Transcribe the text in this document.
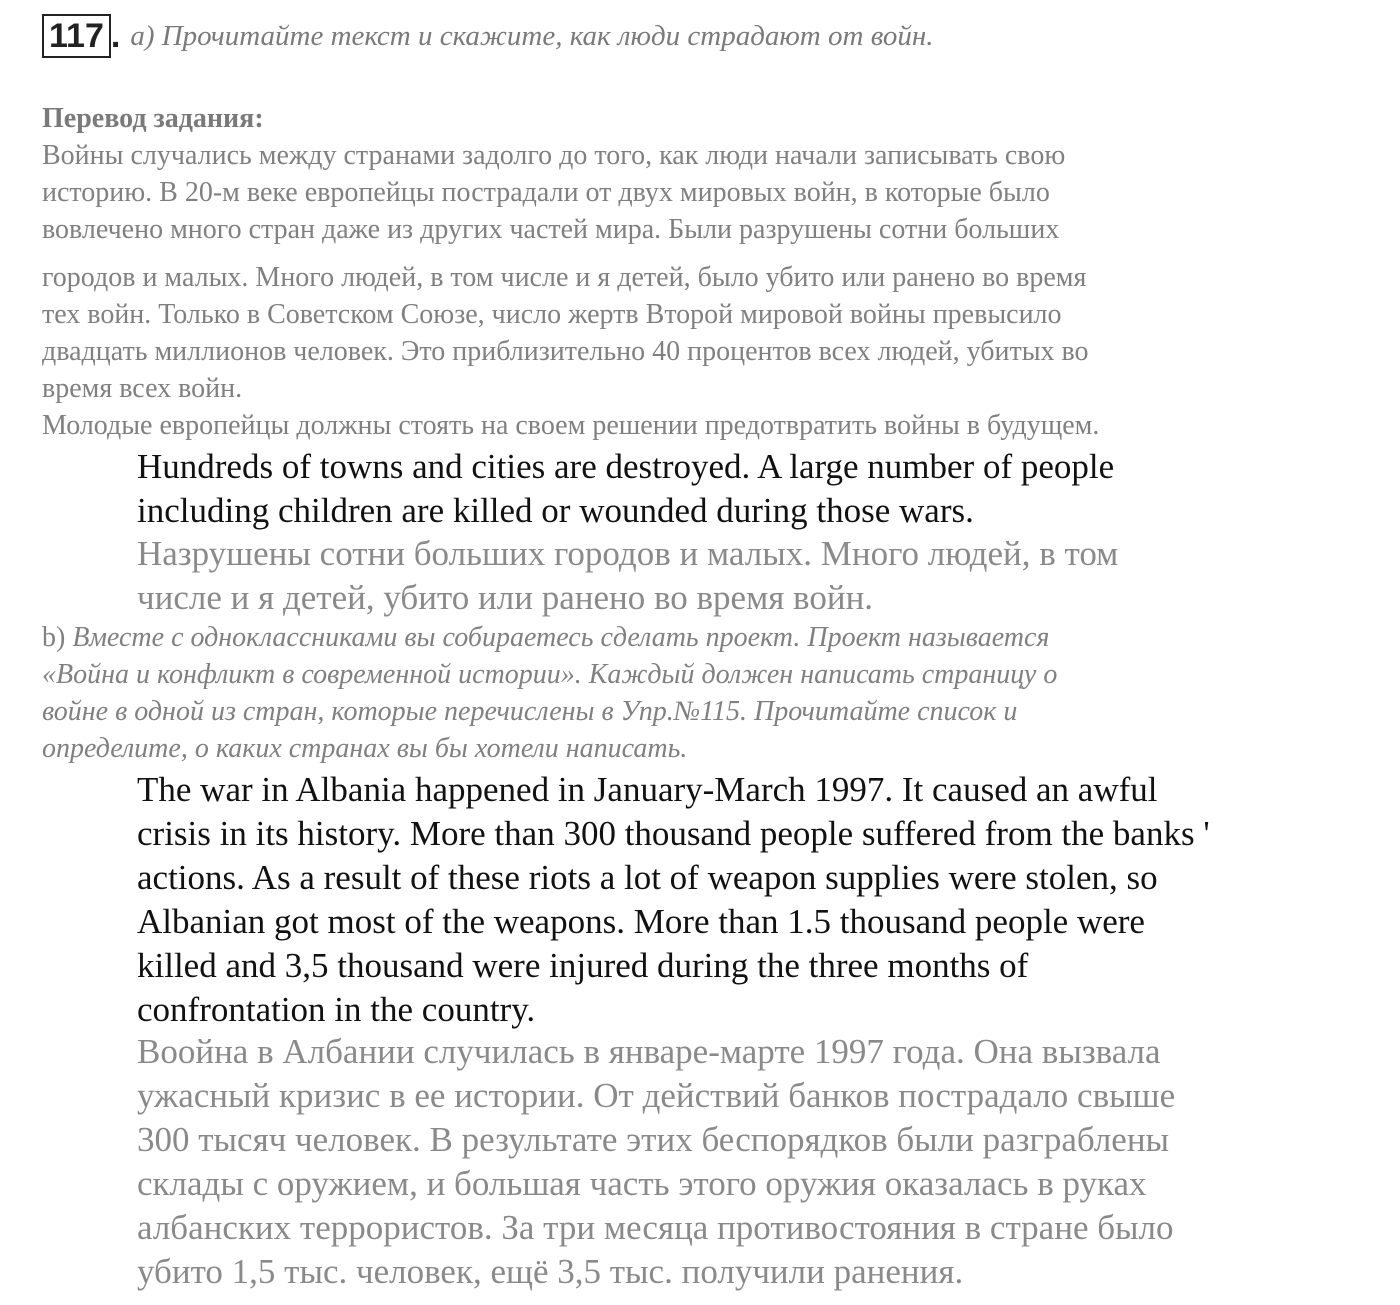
117 . a) Прочитайте текст и скажите, как люди страдают от войн.

Перевод задания:

Войны случались между странами задолго до того, как люди начали записывать свою

историю. В 20-м веке европейцы пострадали от двух мировых войн, в которые было

вовлечено много стран даже из других частей мира. Были разрушены сотни больших

городов и малых. Много людей, в том числе и я детей, было убито или ранено во время

тех войн. Только в Советском Союзе, число жертв Второй мировой войны превысило

двадцать миллионов человек. Это приблизительно 40 процентов всех людей, убитых во

время всех войн.

Молодые европейцы должны стоять на своем решении предотвратить войны в будущем.

Hundreds of towns and cities are destroyed. A large number of people
including children are killed or wounded during those wars.
Назрушены сотни больших городов и малых. Много людей, в том
числе и я детей, убито или ранено во время войн.
b) Вместе с одноклассниками вы собираетесь сделать проект. Проект называется
«Война и конфликт в современной истории». Каждый должен написать страницу о
войне в одной из стран, которые перечислены в Упр.№115. Прочитайте список и
определите, о каких странах вы бы хотели написать.
The war in Albania happened in January-March 1997. It caused an awful
crisis in its history. More than 300 thousand people suffered from the banks '
actions. As a result of these riots a lot of weapon supplies were stolen, so
Albanian got most of the weapons. More than 1.5 thousand people were
killed and 3,5 thousand were injured during the three months of
confrontation in the country.
Воойна в Албании случилась в январе-марте 1997 года. Она вызвала
ужасный кризис в ее истории. От действий банков пострадало свыше
300 тысяч человек. В результате этих беспорядков были разграблены
склады с оружием, и большая часть этого оружия оказалась в руках
албанских террористов. За три месяца противостояния в стране было
убито 1,5 тыс. человек, ещё 3,5 тыс. получили ранения.
